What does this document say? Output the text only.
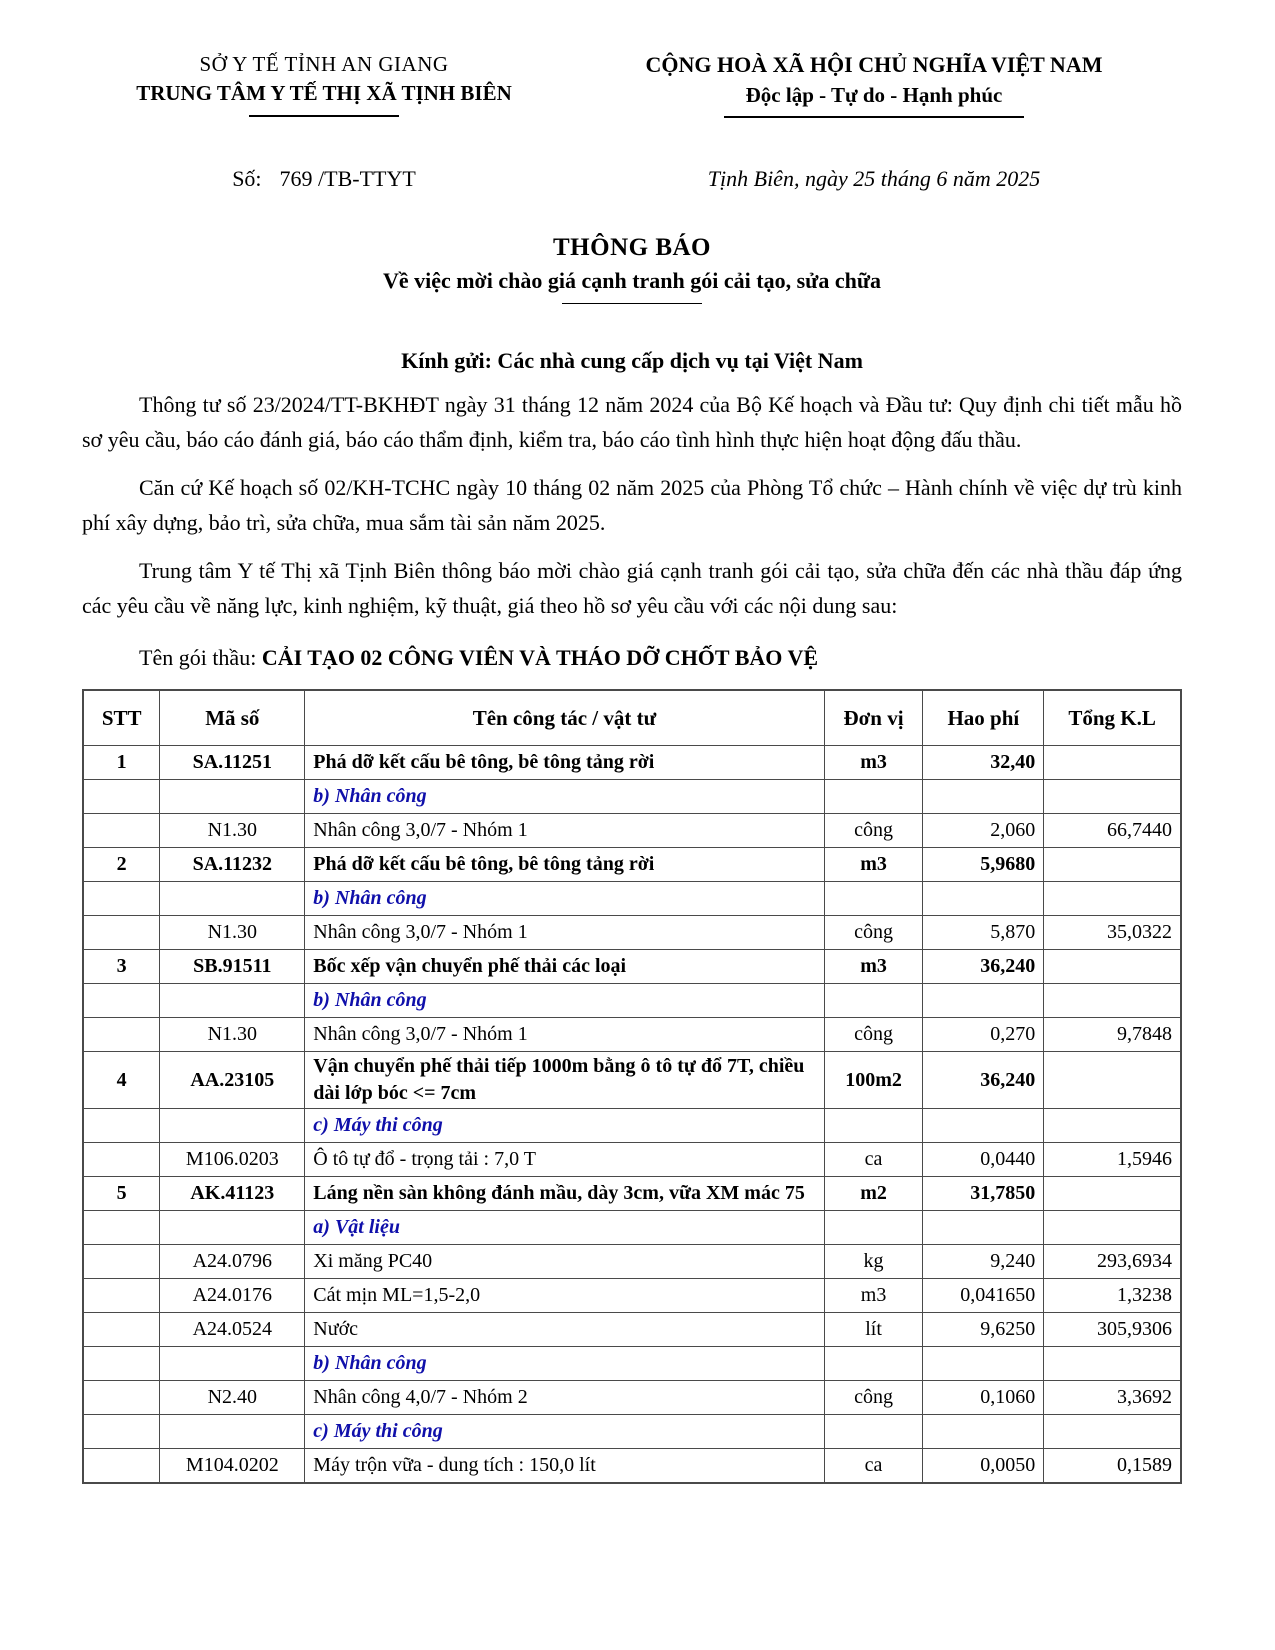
SỞ Y TẾ TỈNH AN GIANG
TRUNG TÂM Y TẾ THỊ XÃ TỊNH BIÊN
CỘNG HOÀ XÃ HỘI CHỦ NGHĨA VIỆT NAM
Độc lập - Tự do - Hạnh phúc
Số: 769 /TB-TTYT	Tịnh Biên, ngày 25 tháng 6 năm 2025
THÔNG BÁO
Về việc mời chào giá cạnh tranh gói cải tạo, sửa chữa
Kính gửi: Các nhà cung cấp dịch vụ tại Việt Nam

Thông tư số 23/2024/TT-BKHĐT ngày 31 tháng 12 năm 2024 của Bộ Kế hoạch và Đầu tư: Quy định chi tiết mẫu hồ sơ yêu cầu, báo cáo đánh giá, báo cáo thẩm định, kiểm tra, báo cáo tình hình thực hiện hoạt động đấu thầu.

Căn cứ Kế hoạch số 02/KH-TCHC ngày 10 tháng 02 năm 2025 của Phòng Tổ chức – Hành chính về việc dự trù kinh phí xây dựng, bảo trì, sửa chữa, mua sắm tài sản năm 2025.

Trung tâm Y tế Thị xã Tịnh Biên thông báo mời chào giá cạnh tranh gói cải tạo, sửa chữa đến các nhà thầu đáp ứng các yêu cầu về năng lực, kinh nghiệm, kỹ thuật, giá theo hồ sơ yêu cầu với các nội dung sau:

Tên gói thầu: CẢI TẠO 02 CÔNG VIÊN VÀ THÁO DỠ CHỐT BẢO VỆ

STT	Mã số	Tên công tác / vật tư	Đơn vị	Hao phí	Tổng K.L
1	SA.11251	Phá dỡ kết cấu bê tông, bê tông tảng rời	m3	32,40	
		b) Nhân công			
	N1.30	Nhân công 3,0/7 - Nhóm 1	công	2,060	66,7440
2	SA.11232	Phá dỡ kết cấu bê tông, bê tông tảng rời	m3	5,9680	
		b) Nhân công			
	N1.30	Nhân công 3,0/7 - Nhóm 1	công	5,870	35,0322
3	SB.91511	Bốc xếp vận chuyển phế thải các loại	m3	36,240	
		b) Nhân công			
	N1.30	Nhân công 3,0/7 - Nhóm 1	công	0,270	9,7848
4	AA.23105	Vận chuyển phế thải tiếp 1000m bằng ô tô tự đổ 7T, chiều dài lớp bóc <= 7cm	100m2	36,240	
		c) Máy thi công			
	M106.0203	Ô tô tự đổ - trọng tải : 7,0 T	ca	0,0440	1,5946
5	AK.41123	Láng nền sàn không đánh mầu, dày 3cm, vữa XM mác 75	m2	31,7850	
		a) Vật liệu			
	A24.0796	Xi măng PC40	kg	9,240	293,6934
	A24.0176	Cát mịn ML=1,5-2,0	m3	0,041650	1,3238
	A24.0524	Nước	lít	9,6250	305,9306
		b) Nhân công			
	N2.40	Nhân công 4,0/7 - Nhóm 2	công	0,1060	3,3692
		c) Máy thi công			
	M104.0202	Máy trộn vữa - dung tích : 150,0 lít	ca	0,0050	0,1589
